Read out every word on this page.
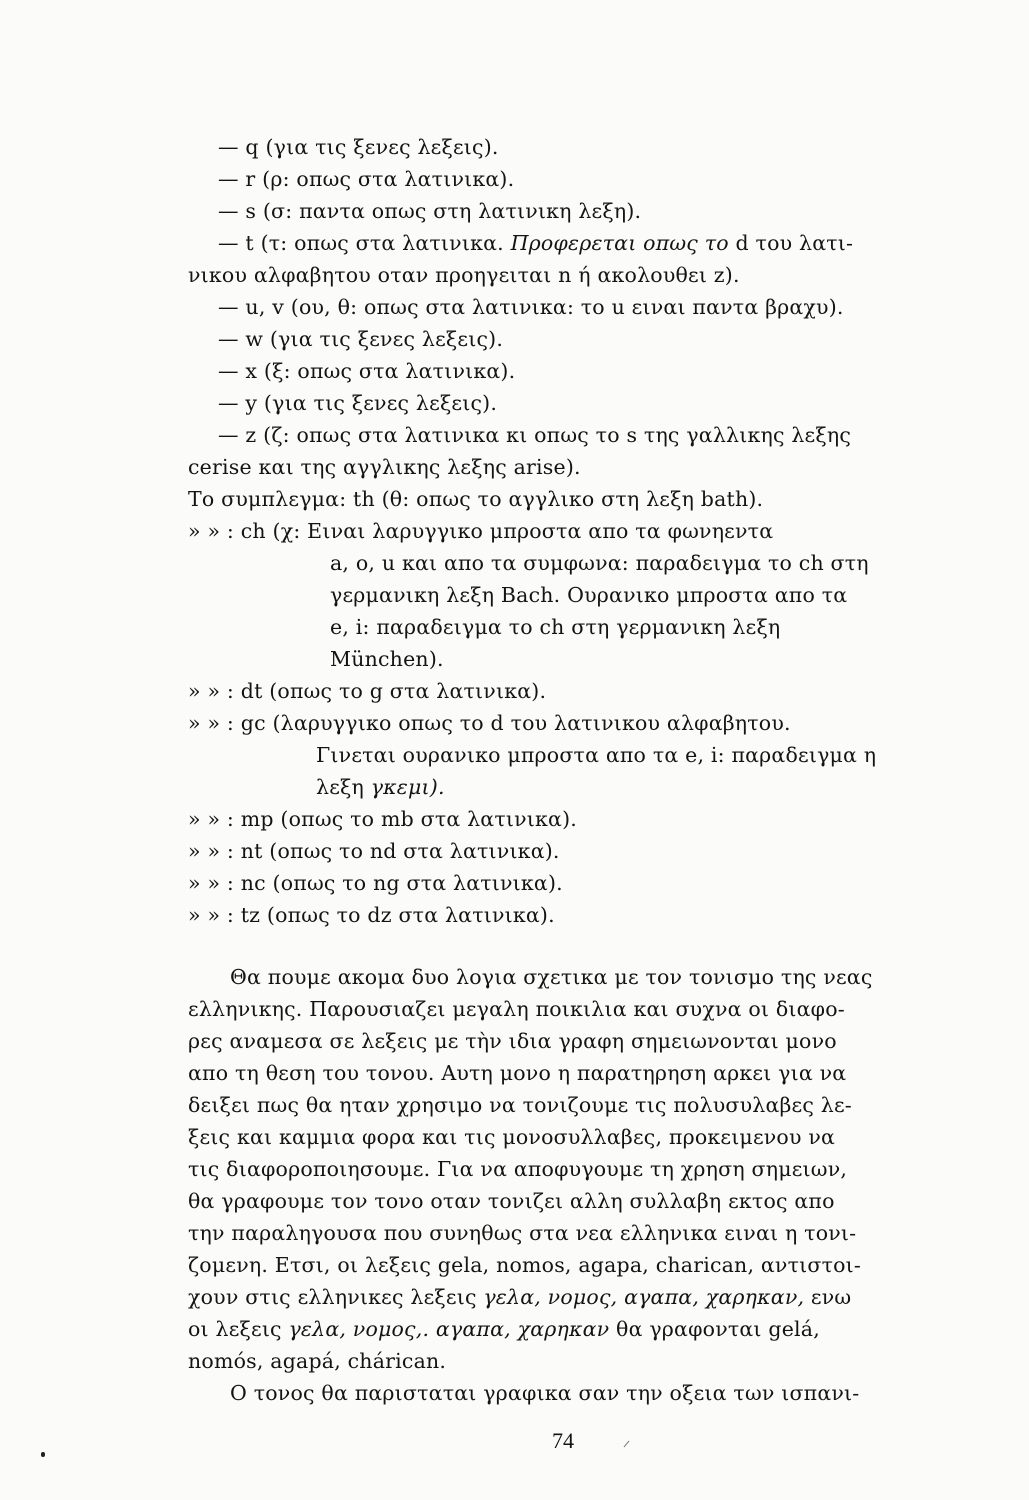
— q (για τις ξενες λεξεις).
— r (ρ: οπως στα λατινικα).
— s (σ: παντα οπως στη λατινικη λεξη).
— t (τ: οπως στα λατινικα. Προφερεται οπως το d του λατι-
νικου αλφαβητου οταν προηγειται n ή ακολουθει z).
— u, v (ου, θ: οπως στα λατινικα: το u ειναι παντα βραχυ).
— w (για τις ξενες λεξεις).
— x (ξ: οπως στα λατινικα).
— y (για τις ξενες λεξεις).
— z (ζ: οπως στα λατινικα κι οπως το s της γαλλικης λεξης
cerise και της αγγλικης λεξης arise).
Το συμπλεγμα: th (θ: οπως το αγγλικο στη λεξη bath).
» » : ch (χ: Ειναι λαρυγγικο μπροστα απο τα φωνηεντα
a, o, u και απο τα συμφωνα: παραδειγμα το ch στη
γερμανικη λεξη Bach. Ουρανικο μπροστα απο τα
e, i: παραδειγμα το ch στη γερμανικη λεξη
München).
» » : dt (οπως το g στα λατινικα).
» » : gc (λαρυγγικο οπως το d του λατινικου αλφαβητου.
Γινεται ουρανικο μπροστα απο τα e, i: παραδειγμα η
λεξη γκεμι).
» » : mp (οπως το mb στα λατινικα).
» » : nt (οπως το nd στα λατινικα).
» » : nc (οπως το ng στα λατινικα).
» » : tz (οπως το dz στα λατινικα).
Θα πουμε ακομα δυο λογια σχετικα με τον τονισμο της νεας
ελληνικης. Παρουσιαζει μεγαλη ποικιλια και συχνα οι διαφο-
ρες αναμεσα σε λεξεις με τὴν ιδια γραφη σημειωνονται μονο
απο τη θεση του τονου. Αυτη μονο η παρατηρηση αρκει για να
δειξει πως θα ηταν χρησιμο να τονιζουμε τις πολυσυλαβες λε-
ξεις και καμμια φορα και τις μονοσυλλαβες, προκειμενου να
τις διαφοροποιησουμε. Για να αποφυγουμε τη χρηση σημειων,
θα γραφουμε τον τονο οταν τονιζει αλλη συλλαβη εκτος απο
την παραληγουσα που συνηθως στα νεα ελληνικα ειναι η τονι-
ζομενη. Ετσι, οι λεξεις gela, nomos, agapa, charican, αντιστοι-
χουν στις ελληνικες λεξεις γελα, νομος, αγαπα, χαρηκαν, ενω
οι λεξεις γελα, νομος,. αγαπα, χαρηκαν θα γραφονται gelá,
nomós, agapá, chárican.
Ο τονος θα παρισταται γραφικα σαν την οξεια των ισπανι-
74
